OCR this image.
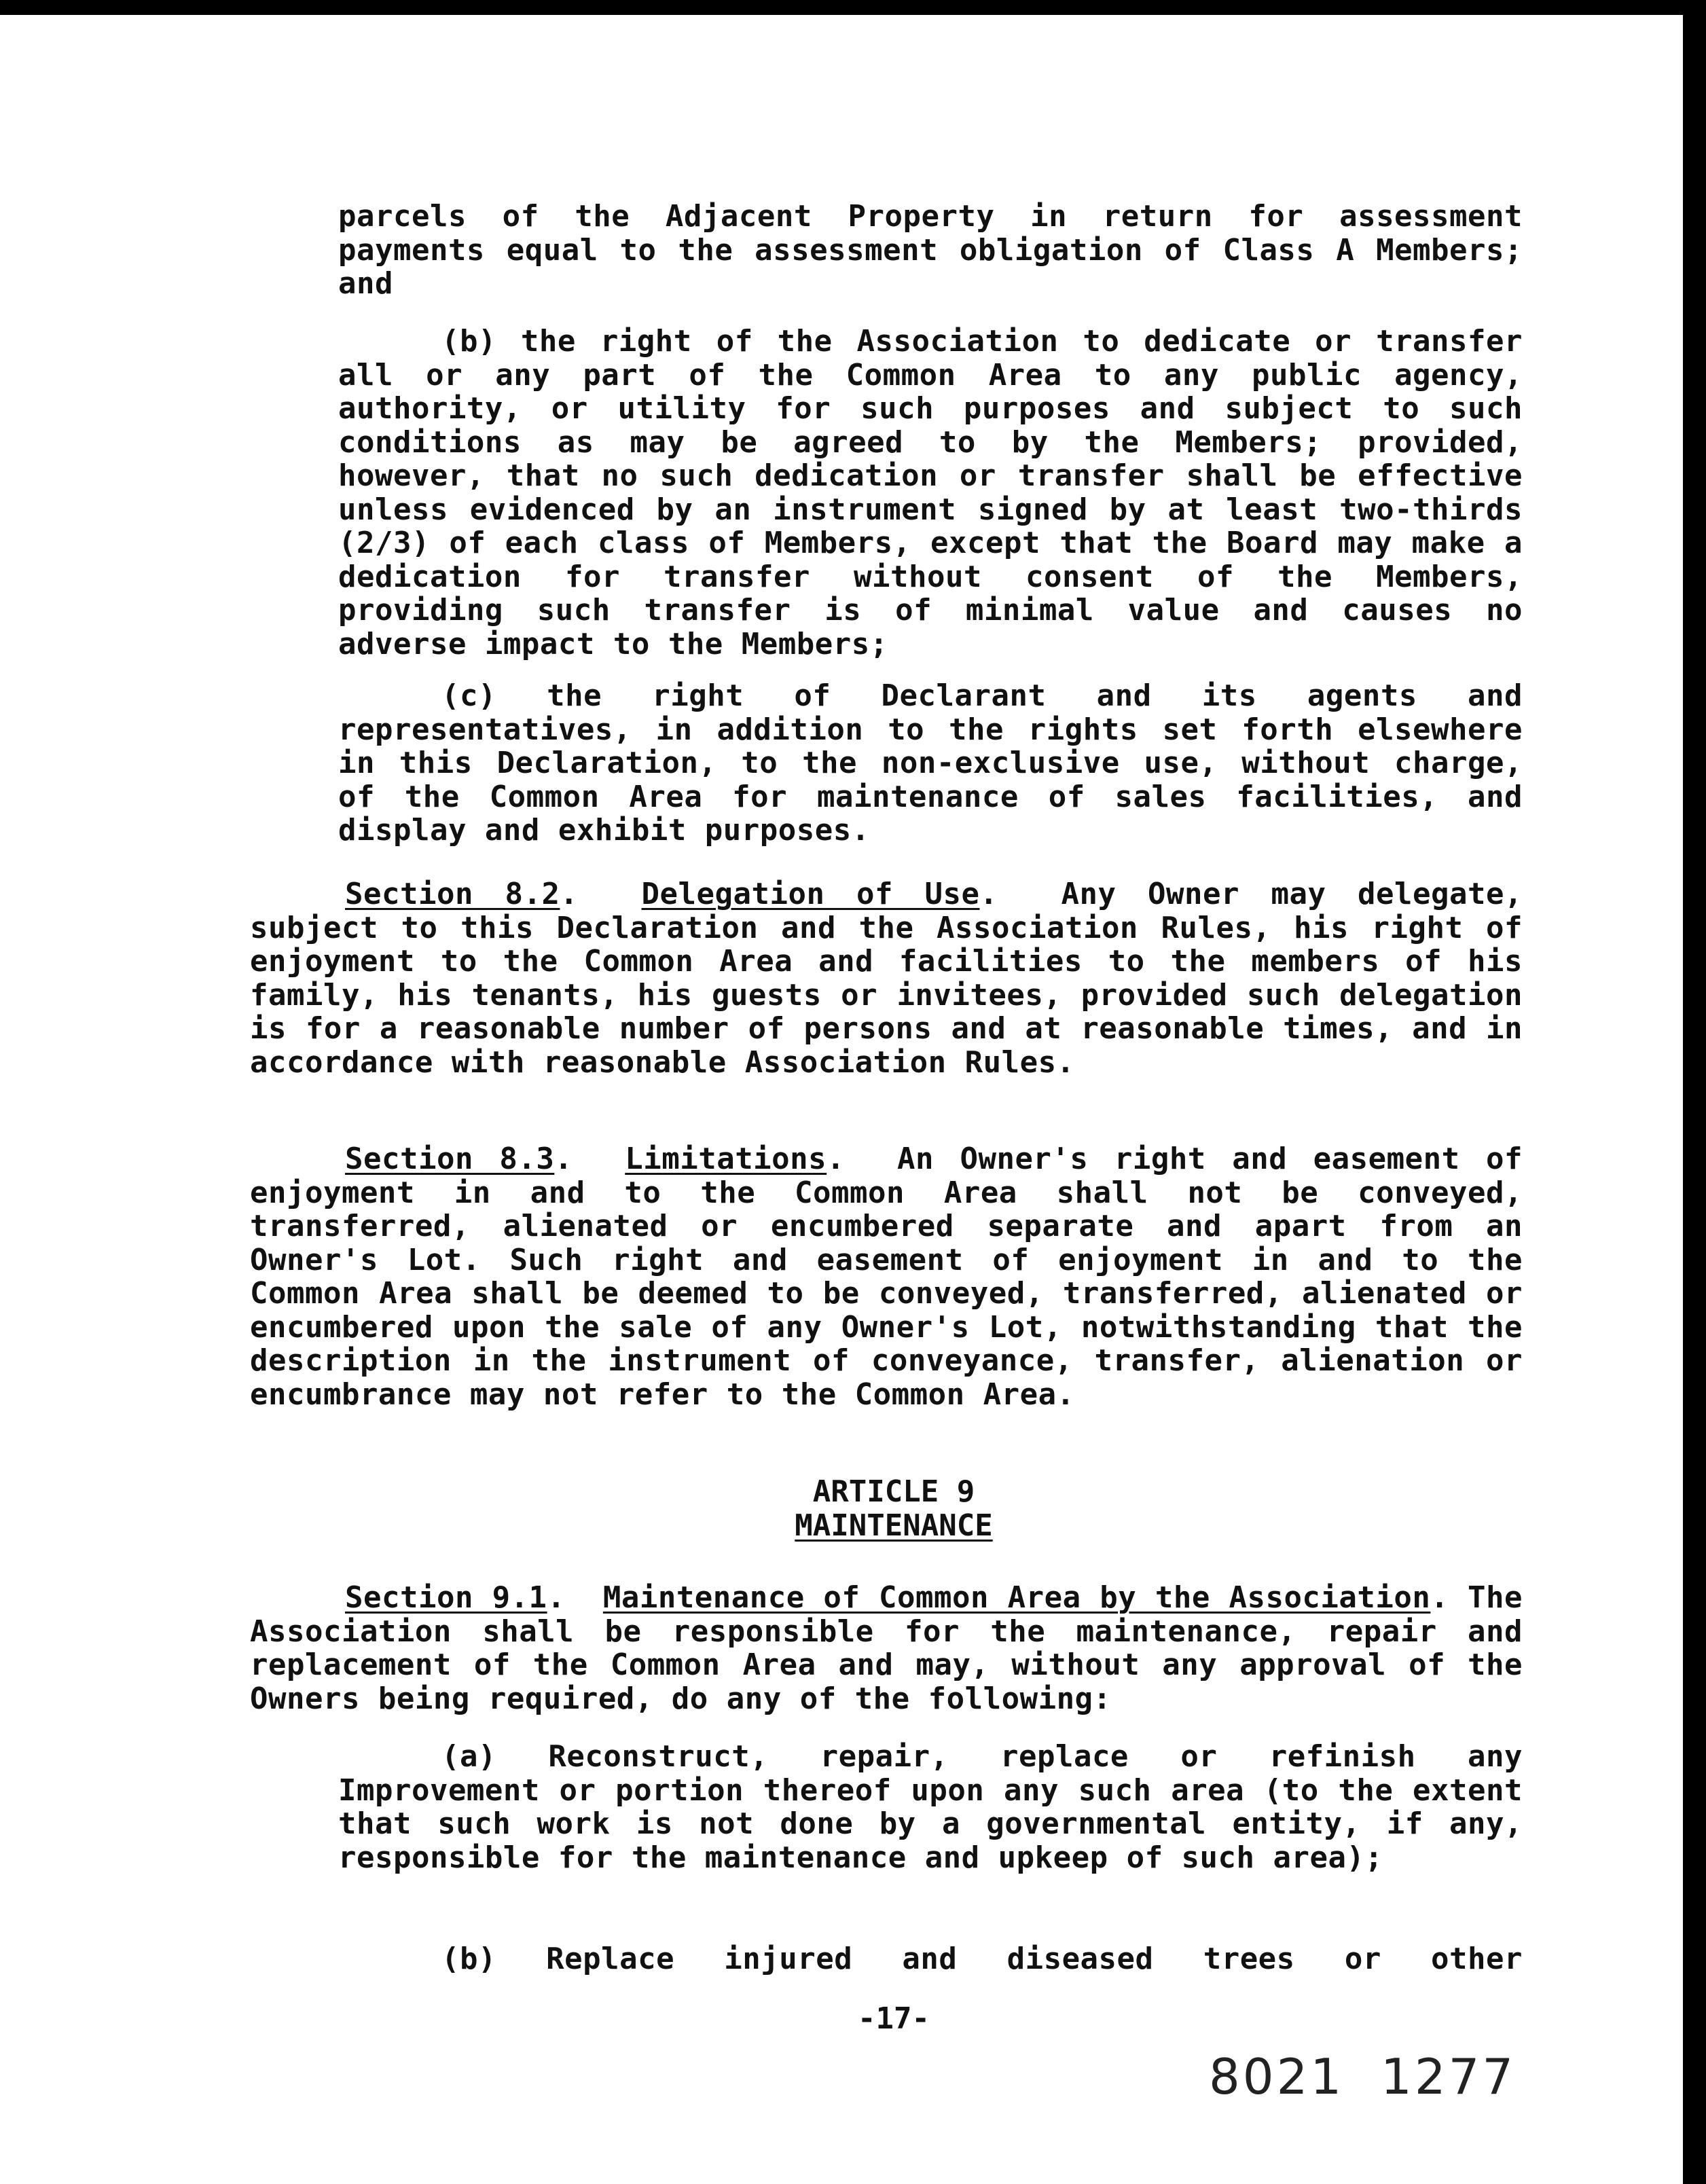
parcels of the Adjacent Property in return for assessment payments equal to the assessment obligation of Class A Members; and
(b) the right of the Association to dedicate or transfer all or any part of the Common Area to any public agency, authority, or utility for such purposes and subject to such conditions as may be agreed to by the Members; provided, however, that no such dedication or transfer shall be effective unless evidenced by an instrument signed by at least two-thirds (2/3) of each class of Members, except that the Board may make a dedication for transfer without consent of the Members, providing such transfer is of minimal value and causes no adverse impact to the Members;
(c) the right of Declarant and its agents and representatives, in addition to the rights set forth elsewhere in this Declaration, to the non-exclusive use, without charge, of the Common Area for maintenance of sales facilities, and display and exhibit purposes.
Section 8.2.  Delegation of Use.  Any Owner may delegate, subject to this Declaration and the Association Rules, his right of enjoyment to the Common Area and facilities to the members of his family, his tenants, his guests or invitees, provided such delegation is for a reasonable number of persons and at reasonable times, and in accordance with reasonable Association Rules.
Section 8.3.  Limitations.  An Owner's right and easement of enjoyment in and to the Common Area shall not be conveyed, transferred, alienated or encumbered separate and apart from an Owner's Lot. Such right and easement of enjoyment in and to the Common Area shall be deemed to be conveyed, transferred, alienated or encumbered upon the sale of any Owner's Lot, notwithstanding that the description in the instrument of conveyance, transfer, alienation or encumbrance may not refer to the Common Area.
ARTICLE 9
MAINTENANCE
Section 9.1.  Maintenance of Common Area by the Association. The Association shall be responsible for the maintenance, repair and replacement of the Common Area and may, without any approval of the Owners being required, do any of the following:
(a) Reconstruct, repair, replace or refinish any Improvement or portion thereof upon any such area (to the extent that such work is not done by a governmental entity, if any, responsible for the maintenance and upkeep of such area);
(b) Replace injured and diseased trees or other
-17-
8021  1277
